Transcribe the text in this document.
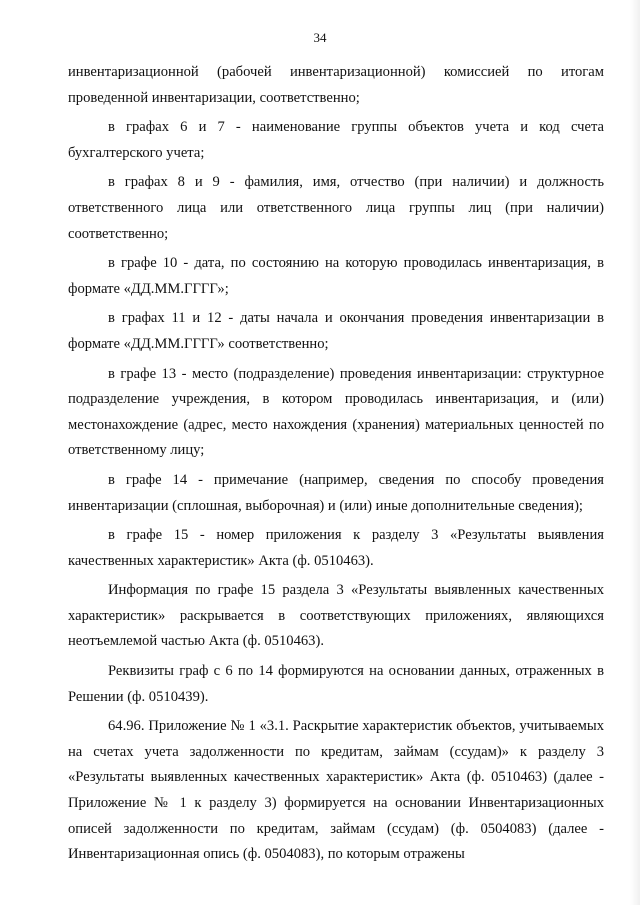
34

инвентаризационной (рабочей инвентаризационной) комиссией по итогам проведенной инвентаризации, соответственно;

в графах 6 и 7 - наименование группы объектов учета и код счета бухгалтерского учета;

в графах 8 и 9 - фамилия, имя, отчество (при наличии) и должность ответственного лица или ответственного лица группы лиц (при наличии) соответственно;

в графе 10 - дата, по состоянию на которую проводилась инвентаризация, в формате «ДД.ММ.ГГГГ»;

в графах 11 и 12 - даты начала и окончания проведения инвентаризации в формате «ДД.ММ.ГГГГ» соответственно;

в графе 13 - место (подразделение) проведения инвентаризации: структурное подразделение учреждения, в котором проводилась инвентаризация, и (или) местонахождение (адрес, место нахождения (хранения) материальных ценностей по ответственному лицу;

в графе 14 - примечание (например, сведения по способу проведения инвентаризации (сплошная, выборочная) и (или) иные дополнительные сведения);

в графе 15 - номер приложения к разделу 3 «Результаты выявления качественных характеристик» Акта (ф. 0510463).

Информация по графе 15 раздела 3 «Результаты выявленных качественных характеристик» раскрывается в соответствующих приложениях, являющихся неотъемлемой частью Акта (ф. 0510463).

Реквизиты граф с 6 по 14 формируются на основании данных, отраженных в Решении (ф. 0510439).

64.96. Приложение № 1 «3.1. Раскрытие характеристик объектов, учитываемых на счетах учета задолженности по кредитам, займам (ссудам)» к разделу 3 «Результаты выявленных качественных характеристик» Акта (ф. 0510463) (далее - Приложение № 1 к разделу 3) формируется на основании Инвентаризационных описей задолженности по кредитам, займам (ссудам) (ф. 0504083) (далее - Инвентаризационная опись (ф. 0504083), по которым отражены
